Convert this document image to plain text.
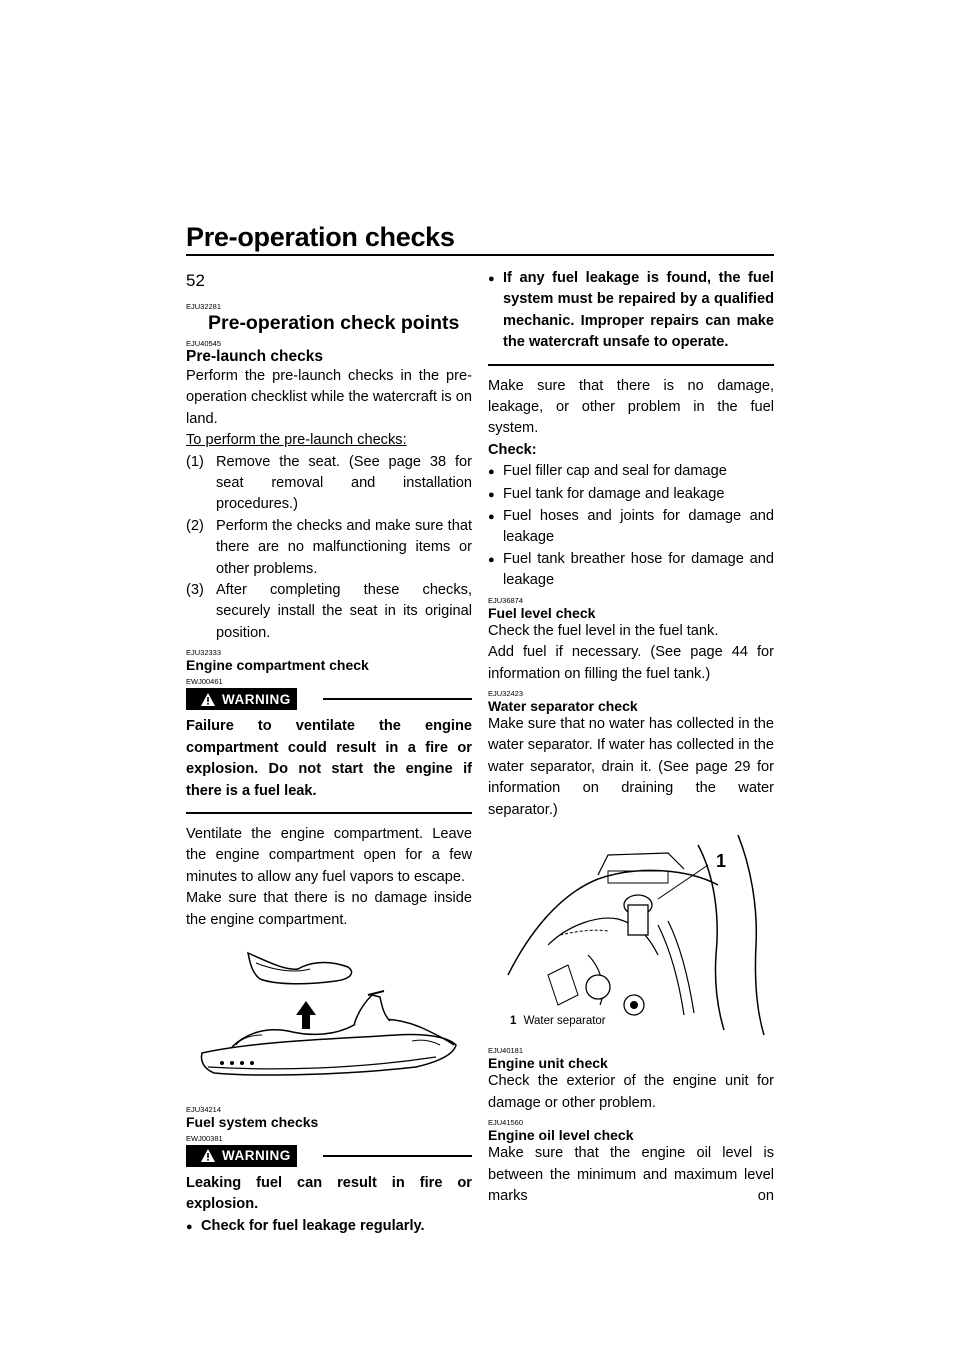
Pre-operation checks
52
EJU32281
Pre-operation check points
EJU40545
Pre-launch checks
Perform the pre-launch checks in the pre-operation checklist while the watercraft is on land.
To perform the pre-launch checks:
(1) Remove the seat. (See page 38 for seat removal and installation procedures.)
(2) Perform the checks and make sure that there are no malfunctioning items or other problems.
(3) After completing these checks, securely install the seat in its original position.
EJU32333
Engine compartment check
EWJ00461
WARNING
Failure to ventilate the engine compartment could result in a fire or explosion. Do not start the engine if there is a fuel leak.
Ventilate the engine compartment. Leave the engine compartment open for a few minutes to allow any fuel vapors to escape.
Make sure that there is no damage inside the engine compartment.
EJU34214
Fuel system checks
EWJ00381
WARNING
Leaking fuel can result in fire or explosion.
● Check for fuel leakage regularly.
● If any fuel leakage is found, the fuel system must be repaired by a qualified mechanic. Improper repairs can make the watercraft unsafe to operate.
Make sure that there is no damage, leakage, or other problem in the fuel system.
Check:
● Fuel filler cap and seal for damage
● Fuel tank for damage and leakage
● Fuel hoses and joints for damage and leakage
● Fuel tank breather hose for damage and leakage
EJU36874
Fuel level check
Check the fuel level in the fuel tank.
Add fuel if necessary. (See page 44 for information on filling the fuel tank.)
EJU32423
Water separator check
Make sure that no water has collected in the water separator. If water has collected in the water separator, drain it. (See page 29 for information on draining the water separator.)
1
1 Water separator
EJU40181
Engine unit check
Check the exterior of the engine unit for damage or other problem.
EJU41560
Engine oil level check
Make sure that the engine oil level is between the minimum and maximum level marks on
